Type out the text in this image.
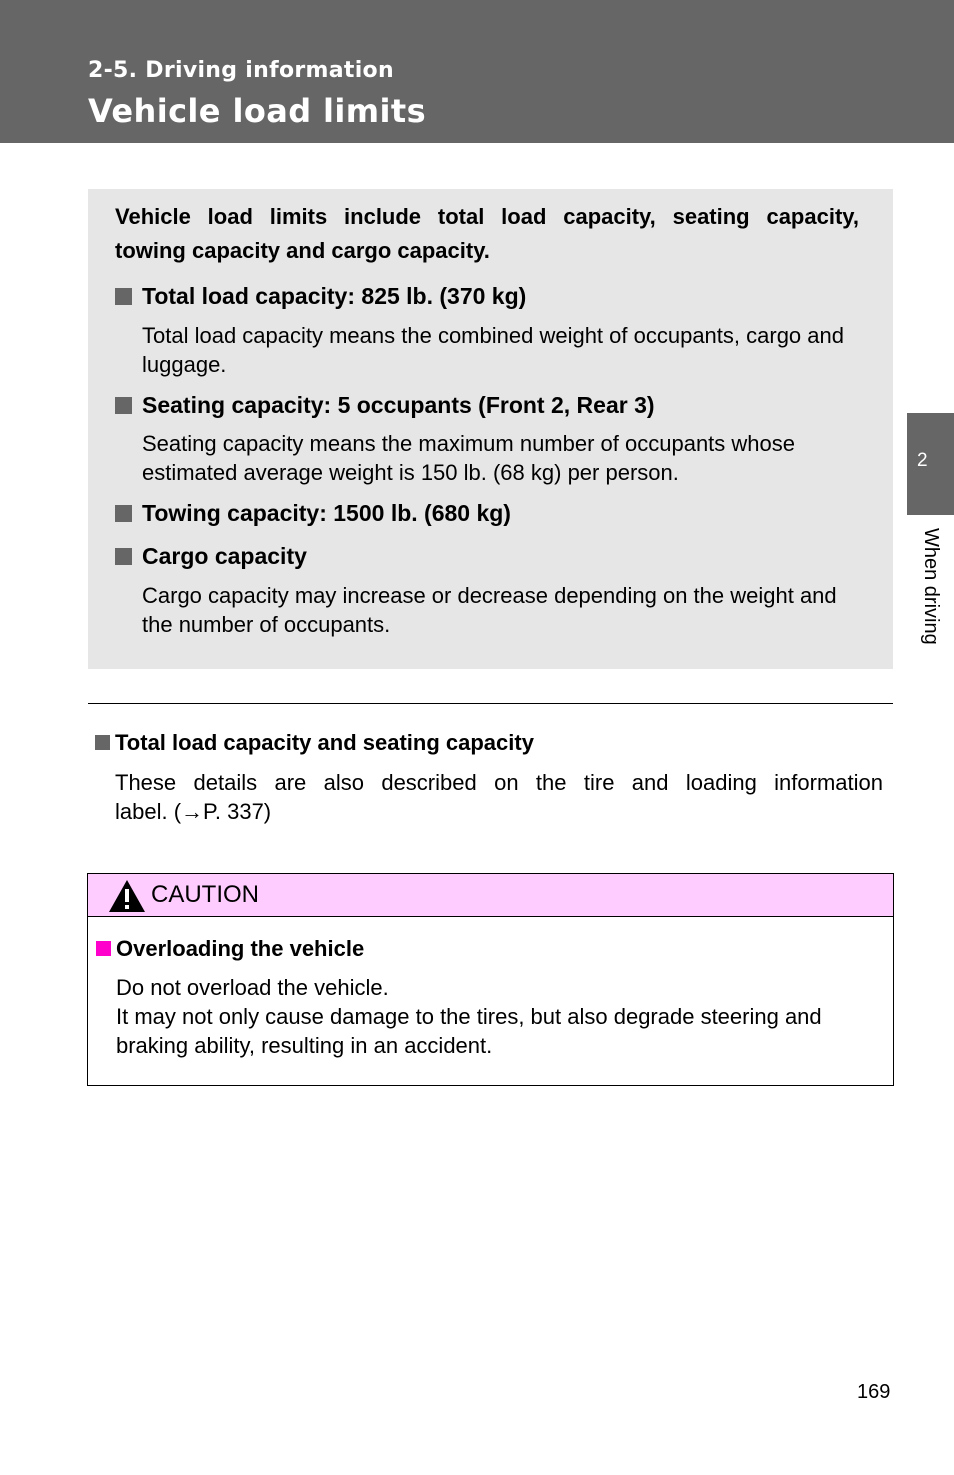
2-5. Driving information
Vehicle load limits
2
When driving
Vehicle load limits include total load capacity, seating capacity,
towing capacity and cargo capacity.
Total load capacity: 825 lb. (370 kg)
Total load capacity means the combined weight of occupants, cargo and luggage.
Seating capacity: 5 occupants (Front 2, Rear 3)
Seating capacity means the maximum number of occupants whose estimated average weight is 150 lb. (68 kg) per person.
Towing capacity: 1500 lb. (680 kg)
Cargo capacity
Cargo capacity may increase or decrease depending on the weight and the number of occupants.
Total load capacity and seating capacity
These details are also described on the tire and loading information
label. (→P. 337)
CAUTION
Overloading the vehicle
Do not overload the vehicle.
It may not only cause damage to the tires, but also degrade steering and braking ability, resulting in an accident.
169
